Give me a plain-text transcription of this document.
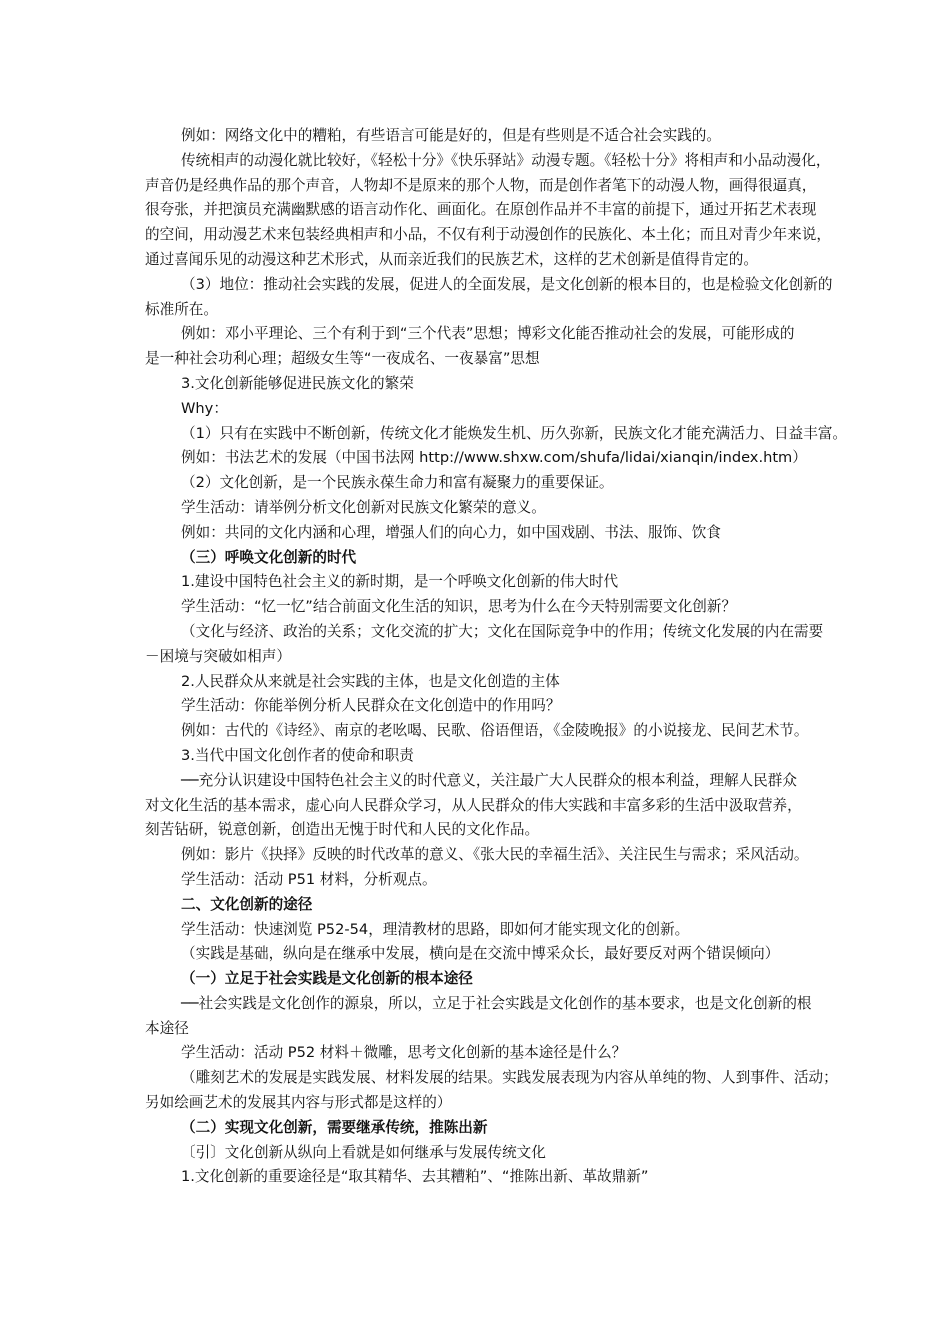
例如：网络文化中的糟粕，有些语言可能是好的，但是有些则是不适合社会实践的。
传统相声的动漫化就比较好，《轻松十分》《快乐驿站》动漫专题。《轻松十分》将相声和小品动漫化，
声音仍是经典作品的那个声音，人物却不是原来的那个人物，而是创作者笔下的动漫人物，画得很逼真，
很夸张，并把演员充满幽默感的语言动作化、画面化。在原创作品并不丰富的前提下，通过开拓艺术表现
的空间，用动漫艺术来包装经典相声和小品，不仅有利于动漫创作的民族化、本土化；而且对青少年来说，
通过喜闻乐见的动漫这种艺术形式，从而亲近我们的民族艺术，这样的艺术创新是值得肯定的。
（3）地位：推动社会实践的发展，促进人的全面发展，是文化创新的根本目的，也是检验文化创新的
标准所在。
例如：邓小平理论、三个有利于到“三个代表”思想；博彩文化能否推动社会的发展，可能形成的
是一种社会功利心理；超级女生等“一夜成名、一夜暴富”思想
3.文化创新能够促进民族文化的繁荣
Why：
（1）只有在实践中不断创新，传统文化才能焕发生机、历久弥新，民族文化才能充满活力、日益丰富。
例如：书法艺术的发展（中国书法网 http://www.shxw.com/shufa/lidai/xianqin/index.htm）
（2）文化创新，是一个民族永葆生命力和富有凝聚力的重要保证。
学生活动：请举例分析文化创新对民族文化繁荣的意义。
例如：共同的文化内涵和心理，增强人们的向心力，如中国戏剧、书法、服饰、饮食
（三）呼唤文化创新的时代
1.建设中国特色社会主义的新时期，是一个呼唤文化创新的伟大时代
学生活动：“忆一忆”结合前面文化生活的知识，思考为什么在今天特别需要文化创新？
（文化与经济、政治的关系；文化交流的扩大；文化在国际竞争中的作用；传统文化发展的内在需要
－困境与突破如相声）
2.人民群众从来就是社会实践的主体，也是文化创造的主体
学生活动：你能举例分析人民群众在文化创造中的作用吗？
例如：古代的《诗经》、南京的老吆喝、民歌、俗语俚语，《金陵晚报》的小说接龙、民间艺术节。
3.当代中国文化创作者的使命和职责
──充分认识建设中国特色社会主义的时代意义，关注最广大人民群众的根本利益，理解人民群众
对文化生活的基本需求，虚心向人民群众学习，从人民群众的伟大实践和丰富多彩的生活中汲取营养，
刻苦钻研，锐意创新，创造出无愧于时代和人民的文化作品。
例如：影片《抉择》反映的时代改革的意义、《张大民的幸福生活》、关注民生与需求；采风活动。
学生活动：活动 P51 材料，分析观点。
二、文化创新的途径
学生活动：快速浏览 P52-54，理清教材的思路，即如何才能实现文化的创新。
（实践是基础，纵向是在继承中发展，横向是在交流中博采众长，最好要反对两个错误倾向）
（一）立足于社会实践是文化创新的根本途径
──社会实践是文化创作的源泉，所以，立足于社会实践是文化创作的基本要求，也是文化创新的根
本途径
学生活动：活动 P52 材料＋微雕，思考文化创新的基本途径是什么？
（雕刻艺术的发展是实践发展、材料发展的结果。实践发展表现为内容从单纯的物、人到事件、活动；
另如绘画艺术的发展其内容与形式都是这样的）
（二）实现文化创新，需要继承传统，推陈出新
〔引〕文化创新从纵向上看就是如何继承与发展传统文化
1.文化创新的重要途径是“取其精华、去其糟粕”、“推陈出新、革故鼎新”
